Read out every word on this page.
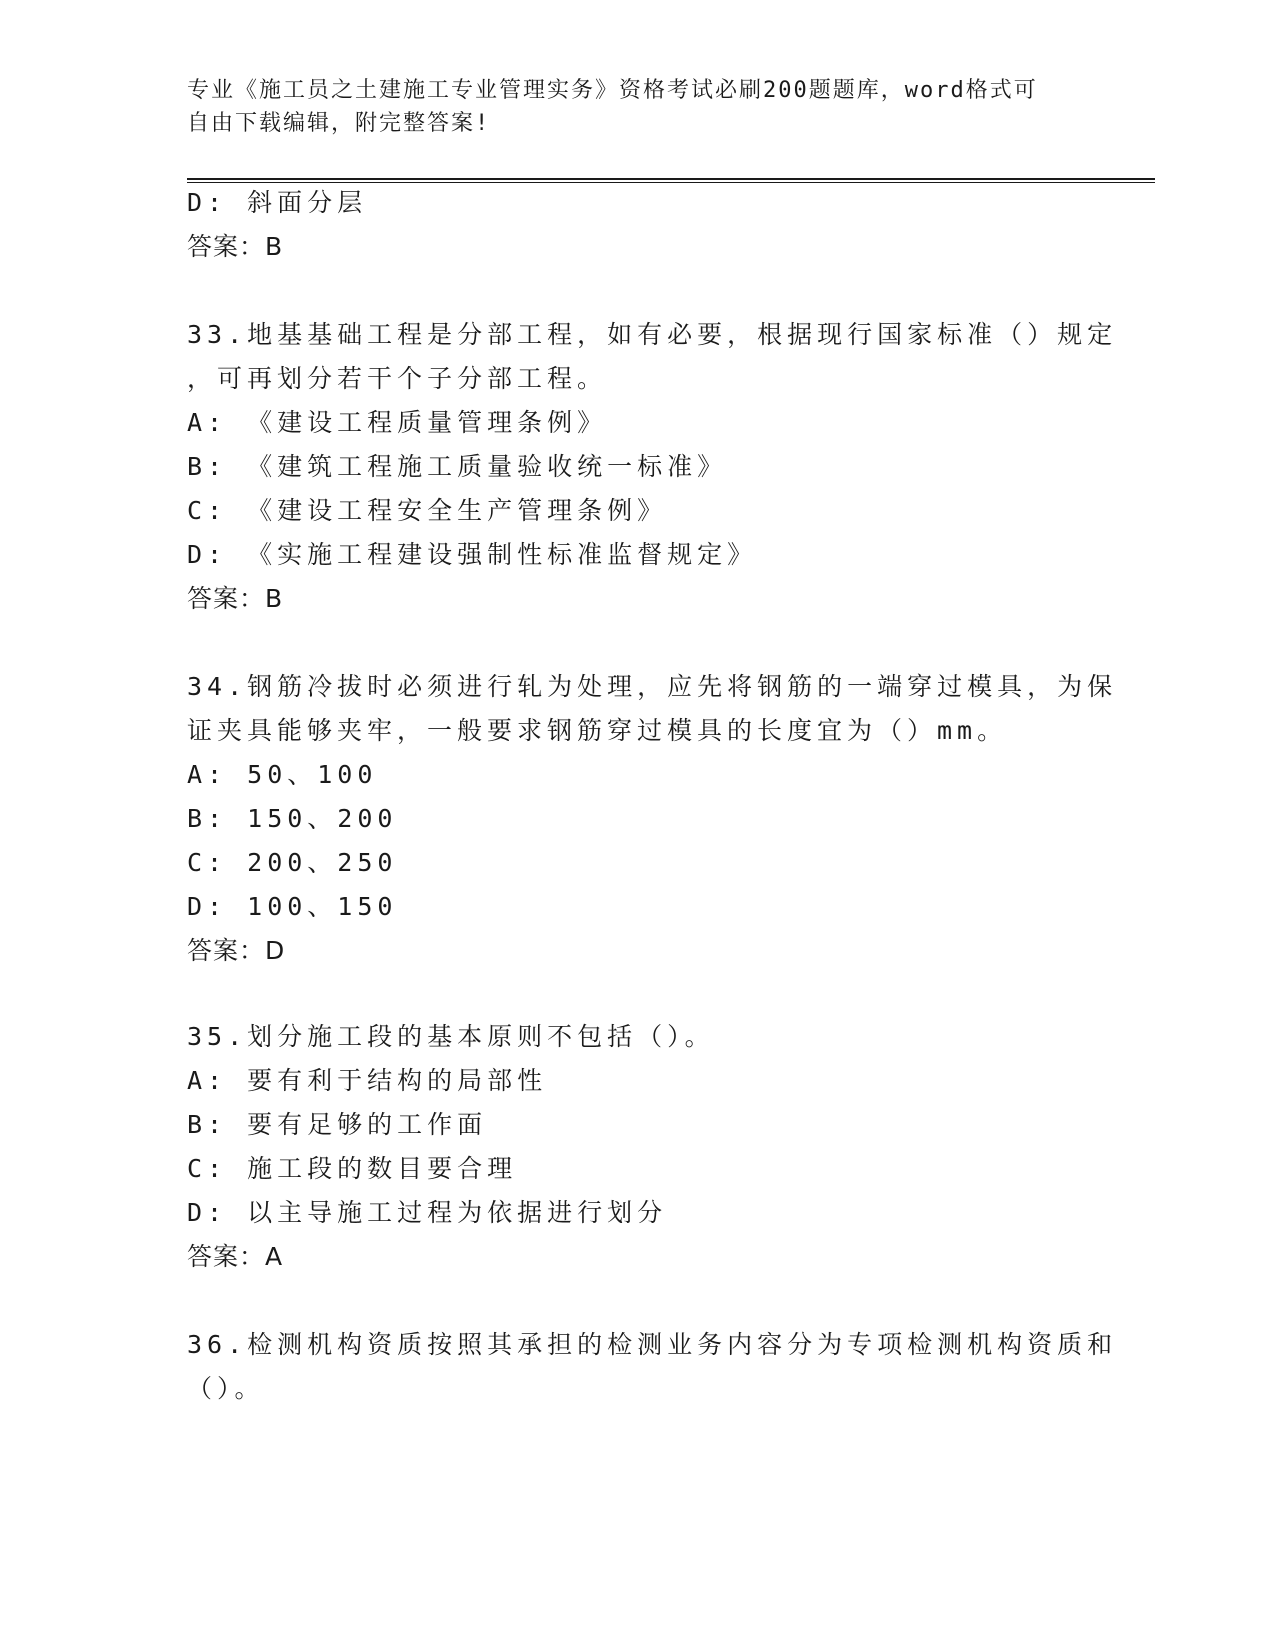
专业《施工员之土建施工专业管理实务》资格考试必刷200题题库，word格式可
自由下载编辑，附完整答案!
D: 斜面分层
答案：B
33.地基基础工程是分部工程，如有必要，根据现行国家标准（）规定
，可再划分若干个子分部工程。
A: 《建设工程质量管理条例》
B: 《建筑工程施工质量验收统一标准》
C: 《建设工程安全生产管理条例》
D: 《实施工程建设强制性标准监督规定》
答案：B
34.钢筋冷拔时必须进行轧为处理，应先将钢筋的一端穿过模具，为保
证夹具能够夹牢，一般要求钢筋穿过模具的长度宜为（）mm。
A: 50、100
B: 150、200
C: 200、250
D: 100、150
答案：D
35.划分施工段的基本原则不包括（）。
A: 要有利于结构的局部性
B: 要有足够的工作面
C: 施工段的数目要合理
D: 以主导施工过程为依据进行划分
答案：A
36.检测机构资质按照其承担的检测业务内容分为专项检测机构资质和
（）。
